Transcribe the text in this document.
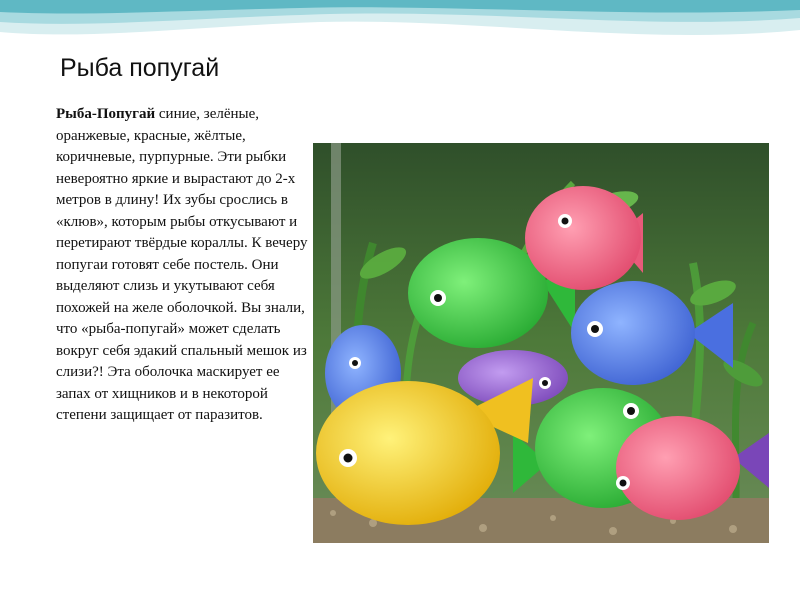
Рыба попугай

Рыба-Попугай синие, зелёные, оранжевые, красные, жёлтые, коричневые, пурпурные. Эти рыбки невероятно яркие и вырастают до 2-х метров в длину! Их зубы срослись в «клюв», которым рыбы откусывают и перетирают твёрдые кораллы. К вечеру попугаи готовят себе постель. Они выделяют слизь и укутывают себя похожей на желе оболочкой. Вы знали, что «рыба-попугай» может сделать вокруг себя эдакий спальный мешок из слизи?! Эта оболочка маскирует ее запах от хищников и в некоторой степени защищает от паразитов.
